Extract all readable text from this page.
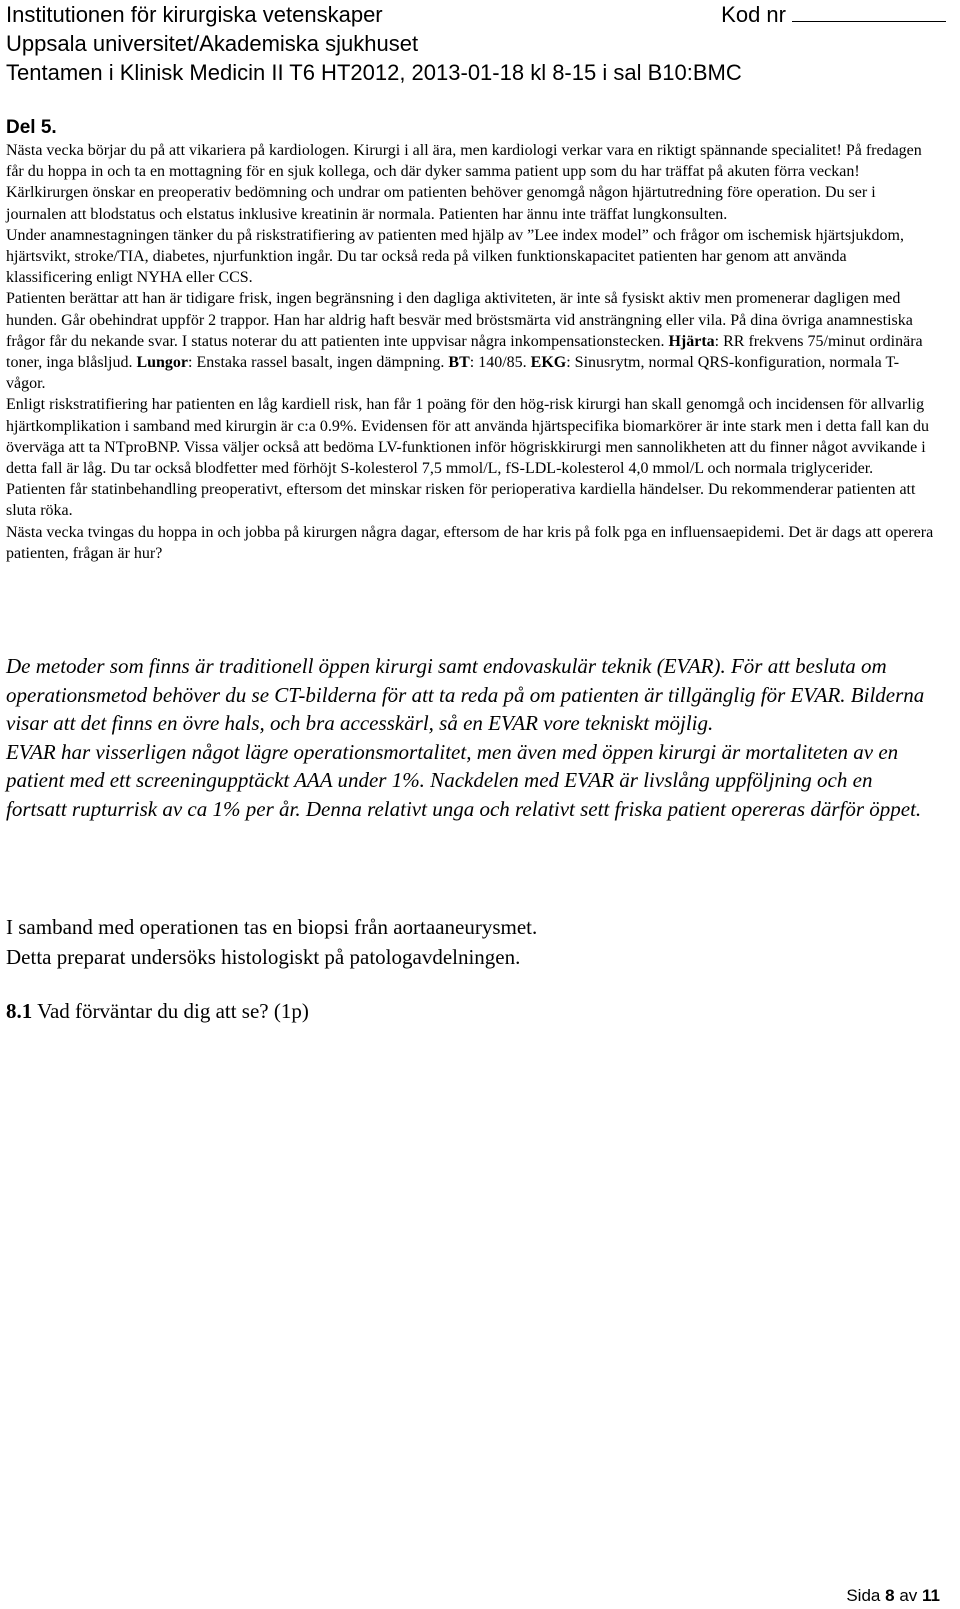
Institutionen för kirurgiska vetenskaper	Kod nr
Uppsala universitet/Akademiska sjukhuset
Tentamen i Klinisk Medicin II T6 HT2012, 2013-01-18 kl 8-15 i sal B10:BMC

Del 5.

Nästa vecka börjar du på att vikariera på kardiologen. Kirurgi i all ära, men kardiologi verkar vara en riktigt spännande specialitet! På fredagen får du hoppa in och ta en mottagning för en sjuk kollega, och där dyker samma patient upp som du har träffat på akuten förra veckan! Kärlkirurgen önskar en preoperativ bedömning och undrar om patienten behöver genomgå någon hjärtutredning före operation. Du ser i journalen att blodstatus och elstatus inklusive kreatinin är normala. Patienten har ännu inte träffat lungkonsulten.

Under anamnestagningen tänker du på riskstratifiering av patienten med hjälp av ”Lee index model” och frågor om ischemisk hjärtsjukdom, hjärtsvikt, stroke/TIA, diabetes, njurfunktion ingår. Du tar också reda på vilken funktionskapacitet patienten har genom att använda klassificering enligt NYHA eller CCS.

Patienten berättar att han är tidigare frisk, ingen begränsning i den dagliga aktiviteten, är inte så fysiskt aktiv men promenerar dagligen med hunden. Går obehindrat uppför 2 trappor. Han har aldrig haft besvär med bröstsmärta vid ansträngning eller vila. På dina övriga anamnestiska frågor får du nekande svar. I status noterar du att patienten inte uppvisar några inkompensationstecken. Hjärta: RR frekvens 75/minut ordinära toner, inga blåsljud. Lungor: Enstaka rassel basalt, ingen dämpning. BT: 140/85. EKG: Sinusrytm, normal QRS-konfiguration, normala T-vågor.

Enligt riskstratifiering har patienten en låg kardiell risk, han får 1 poäng för den hög-risk kirurgi han skall genomgå och incidensen för allvarlig hjärtkomplikation i samband med kirurgin är c:a 0.9%. Evidensen för att använda hjärtspecifika biomarkörer är inte stark men i detta fall kan du överväga att ta NTproBNP. Vissa väljer också att bedöma LV-funktionen inför högriskkirurgi men sannolikheten att du finner något avvikande i detta fall är låg. Du tar också blodfetter med förhöjt S-kolesterol 7,5 mmol/L, fS-LDL-kolesterol 4,0 mmol/L och normala triglycerider.

Patienten får statinbehandling preoperativt, eftersom det minskar risken för perioperativa kardiella händelser. Du rekommenderar patienten att sluta röka.

Nästa vecka tvingas du hoppa in och jobba på kirurgen några dagar, eftersom de har kris på folk pga en influensaepidemi. Det är dags att operera patienten, frågan är hur?

De metoder som finns är traditionell öppen kirurgi samt endovaskulär teknik (EVAR). För att besluta om operationsmetod behöver du se CT-bilderna för att ta reda på om patienten är tillgänglig för EVAR. Bilderna visar att det finns en övre hals, och bra accesskärl, så en EVAR vore tekniskt möjlig.

EVAR har visserligen något lägre operationsmortalitet, men även med öppen kirurgi är mortaliteten av en patient med ett screeningupptäckt AAA under 1%. Nackdelen med EVAR är livslång uppföljning och en fortsatt rupturrisk av ca 1% per år. Denna relativt unga och relativt sett friska patient opereras därför öppet.

I samband med operationen tas en biopsi från aortaaneurysmet.

Detta preparat undersöks histologiskt på patologavdelningen.

8.1 Vad förväntar du dig att se? (1p)
Sida 8 av 11
